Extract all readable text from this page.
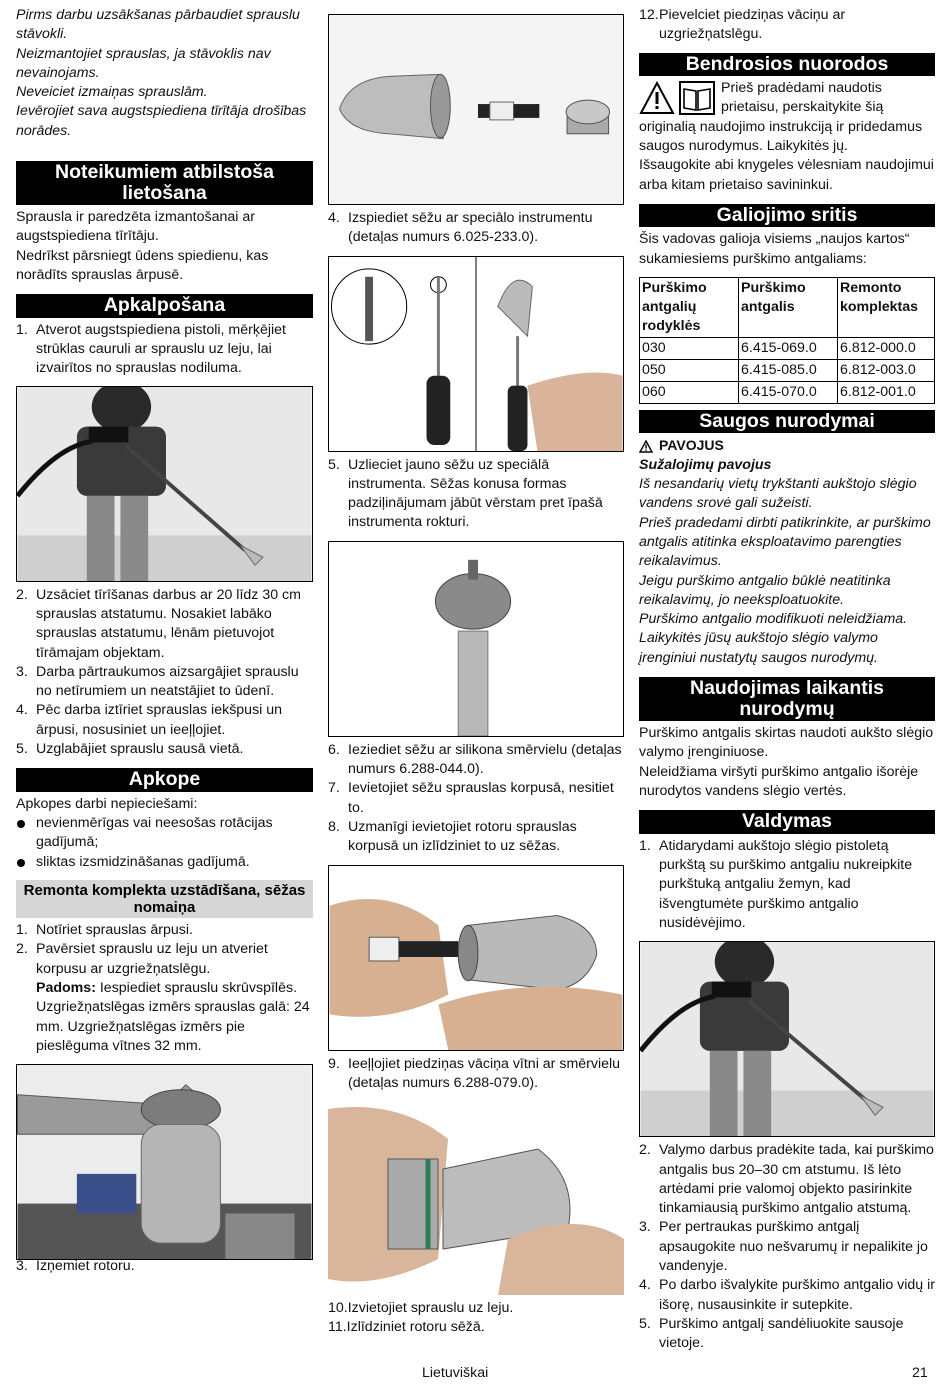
Pirms darbu uzsākšanas pārbaudiet sprauslu stāvokli.

Neizmantojiet sprauslas, ja stāvoklis nav nevainojams.

Neveiciet izmaiņas sprauslām.

Ievērojiet sava augstspiediena tīrītāja drošības norādes.

Noteikumiem atbilstoša lietošana

Sprausla ir paredzēta izmantošanai ar augstspiediena tīrītāju.

Nedrīkst pārsniegt ūdens spiedienu, kas norādīts sprauslas ārpusē.

Apkalpošana
1. Atverot augstspiediena pistoli, mērķējiet strūklas cauruli ar sprauslu uz leju, lai izvairītos no sprauslas nodiluma.
2. Uzsāciet tīrīšanas darbus ar 20 līdz 30 cm sprauslas atstatumu. Nosakiet labāko sprauslas atstatumu, lēnām pietuvojot tīrāmajam objektam.
3. Darba pārtraukumos aizsargājiet sprauslu no netīrumiem un neatstājiet to ūdenī.
4. Pēc darba iztīriet sprauslas iekšpusi un ārpusi, nosusiniet un ieeļļojiet.
5. Uzglabājiet sprauslu sausā vietā.
Apkope

Apkopes darbi nepieciešami:

nevienmērīgas vai neesošas rotācijas gadījumā;
sliktas izsmidzināšanas gadījumā.
Remonta komplekta uzstādīšana, sēžas nomaiņa
1. Notīriet sprauslas ārpusi.
2. Pavērsiet sprauslu uz leju un atveriet korpusu ar uzgriežņatslēgu.

Padoms: Iespiediet sprauslu skrūvspīlēs. Uzgriežņatslēgas izmērs sprauslas galā: 24 mm. Uzgriežņatslēgas izmērs pie pieslēguma vītnes 32 mm.

3. Izņemiet rotoru.
4. Izspiediet sēžu ar speciālo instrumentu (detaļas numurs 6.025-233.0).
5. Uzlieciet jauno sēžu uz speciālā instrumenta. Sēžas konusa formas padziļinājumam jābūt vērstam pret īpašā instrumenta rokturi.
6. Ieziediet sēžu ar silikona smērvielu (detaļas numurs 6.288-044.0).
7. Ievietojiet sēžu sprauslas korpusā, nesitiet to.
8. Uzmanīgi ievietojiet rotoru sprauslas korpusā un izlīdziniet to uz sēžas.
9. Ieeļļojiet piedziņas vāciņa vītni ar smērvielu (detaļas numurs 6.288-079.0).
10.Izvietojiet sprauslu uz leju.
11.Izlīdziniet rotoru sēžā.
12. Pievelciet piedziņas vāciņu ar uzgriežņatslēgu.
Bendrosios nuorodos

Prieš pradėdami naudotis prietaisu, perskaitykite šią originalią naudojimo instrukciją ir pridedamus saugos nurodymus. Laikykitės jų.

Išsaugokite abi knygeles vėlesniam naudojimui arba kitam prietaiso savininkui.

Galiojimo sritis

Šis vadovas galioja visiems „naujos kartos“ sukamiesiems purškimo antgaliams:

Purškimo antgalių rodyklės	Purškimo antgalis	Remonto komplektas
030	6.415-069.0	6.812-000.0
050	6.415-085.0	6.812-003.0
060	6.415-070.0	6.812-001.0
Saugos nurodymai
PAVOJUS

Sužalojimų pavojus

Iš nesandarių vietų trykštanti aukštojo slėgio vandens srovė gali sužeisti.

Prieš pradedami dirbti patikrinkite, ar purškimo antgalis atitinka eksploatavimo parengties reikalavimus.

Jeigu purškimo antgalio būklė neatitinka reikalavimų, jo neeksploatuokite.

Purškimo antgalio modifikuoti neleidžiama.

Laikykitės jūsų aukštojo slėgio valymo įrenginiui nustatytų saugos nurodymų.

Naudojimas laikantis nurodymų

Purškimo antgalis skirtas naudoti aukšto slėgio valymo įrenginiuose.

Neleidžiama viršyti purškimo antgalio išorėje nurodytos vandens slėgio vertės.

Valdymas
1. Atidarydami aukštojo slėgio pistoletą purkštą su purškimo antgaliu nukreipkite purkštuką antgaliu žemyn, kad išvengtumėte purškimo antgalio nusidėvėjimo.
2. Valymo darbus pradėkite tada, kai purškimo antgalis bus 20–30 cm atstumu. Iš lėto artėdami prie valomoj objekto pasirinkite tinkamiausią purškimo antgalio atstumą.
3. Per pertraukas purškimo antgalį apsaugokite nuo nešvarumų ir nepalikite jo vandenyje.
4. Po darbo išvalykite purškimo antgalio vidų ir išorę, nusausinkite ir sutepkite.
5. Purškimo antgalį sandėliuokite sausoje vietoje.
Lietuviškai	21
